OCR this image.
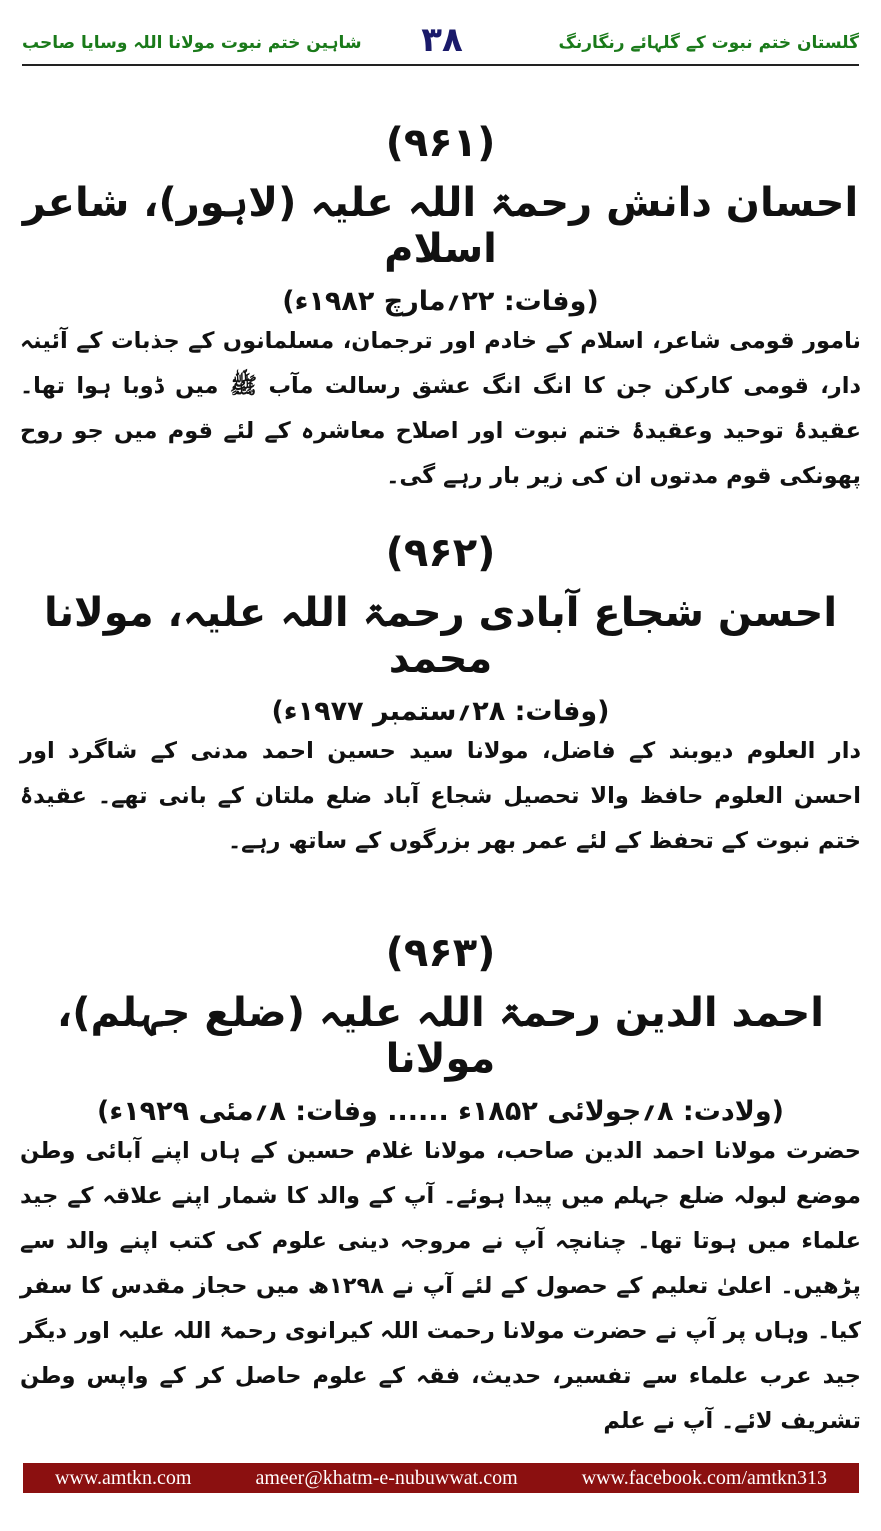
شاہین ختم نبوت مولانا اللہ وسایا صاحب	۳۸	گلستان ختم نبوت کے گلہائے رنگارنگ
(۹۶۱)
احسان دانش رحمۃ اللہ علیہ (لاہور)، شاعر اسلام
(وفات: ۲۲؍مارچ ۱۹۸۲ء)
نامور قومی شاعر، اسلام کے خادم اور ترجمان، مسلمانوں کے جذبات کے آئینہ دار، قومی کارکن جن کا انگ انگ عشق رسالت مآب ﷺ میں ڈوبا ہوا تھا۔ عقیدۂ توحید وعقیدۂ ختم نبوت اور اصلاح معاشرہ کے لئے قوم میں جو روح پھونکی قوم مدتوں ان کی زیر بار رہے گی۔
(۹۶۲)
احسن شجاع آبادی رحمۃ اللہ علیہ، مولانا محمد
(وفات: ۲۸؍ستمبر ۱۹۷۷ء)
دار العلوم دیوبند کے فاضل، مولانا سید حسین احمد مدنی کے شاگرد اور احسن العلوم حافظ والا تحصیل شجاع آباد ضلع ملتان کے بانی تھے۔ عقیدۂ ختم نبوت کے تحفظ کے لئے عمر بھر بزرگوں کے ساتھ رہے۔
(۹۶۳)
احمد الدین رحمۃ اللہ علیہ (ضلع جہلم)، مولانا
(ولادت: ۸؍جولائی ۱۸۵۲ء ...... وفات: ۸؍مئی ۱۹۲۹ء)
حضرت مولانا احمد الدین صاحب، مولانا غلام حسین کے ہاں اپنے آبائی وطن موضع لبولہ ضلع جہلم میں پیدا ہوئے۔ آپ کے والد کا شمار اپنے علاقہ کے جید علماء میں ہوتا تھا۔ چنانچہ آپ نے مروجہ دینی علوم کی کتب اپنے والد سے پڑھیں۔ اعلیٰ تعلیم کے حصول کے لئے آپ نے ۱۲۹۸ھ میں حجاز مقدس کا سفر کیا۔ وہاں پر آپ نے حضرت مولانا رحمت اللہ کیرانوی رحمۃ اللہ علیہ اور دیگر جید عرب علماء سے تفسیر، حدیث، فقہ کے علوم حاصل کر کے واپس وطن تشریف لائے۔ آپ نے علم
www.amtkn.com	ameer@khatm-e-nubuwwat.com	www.facebook.com/amtkn313
